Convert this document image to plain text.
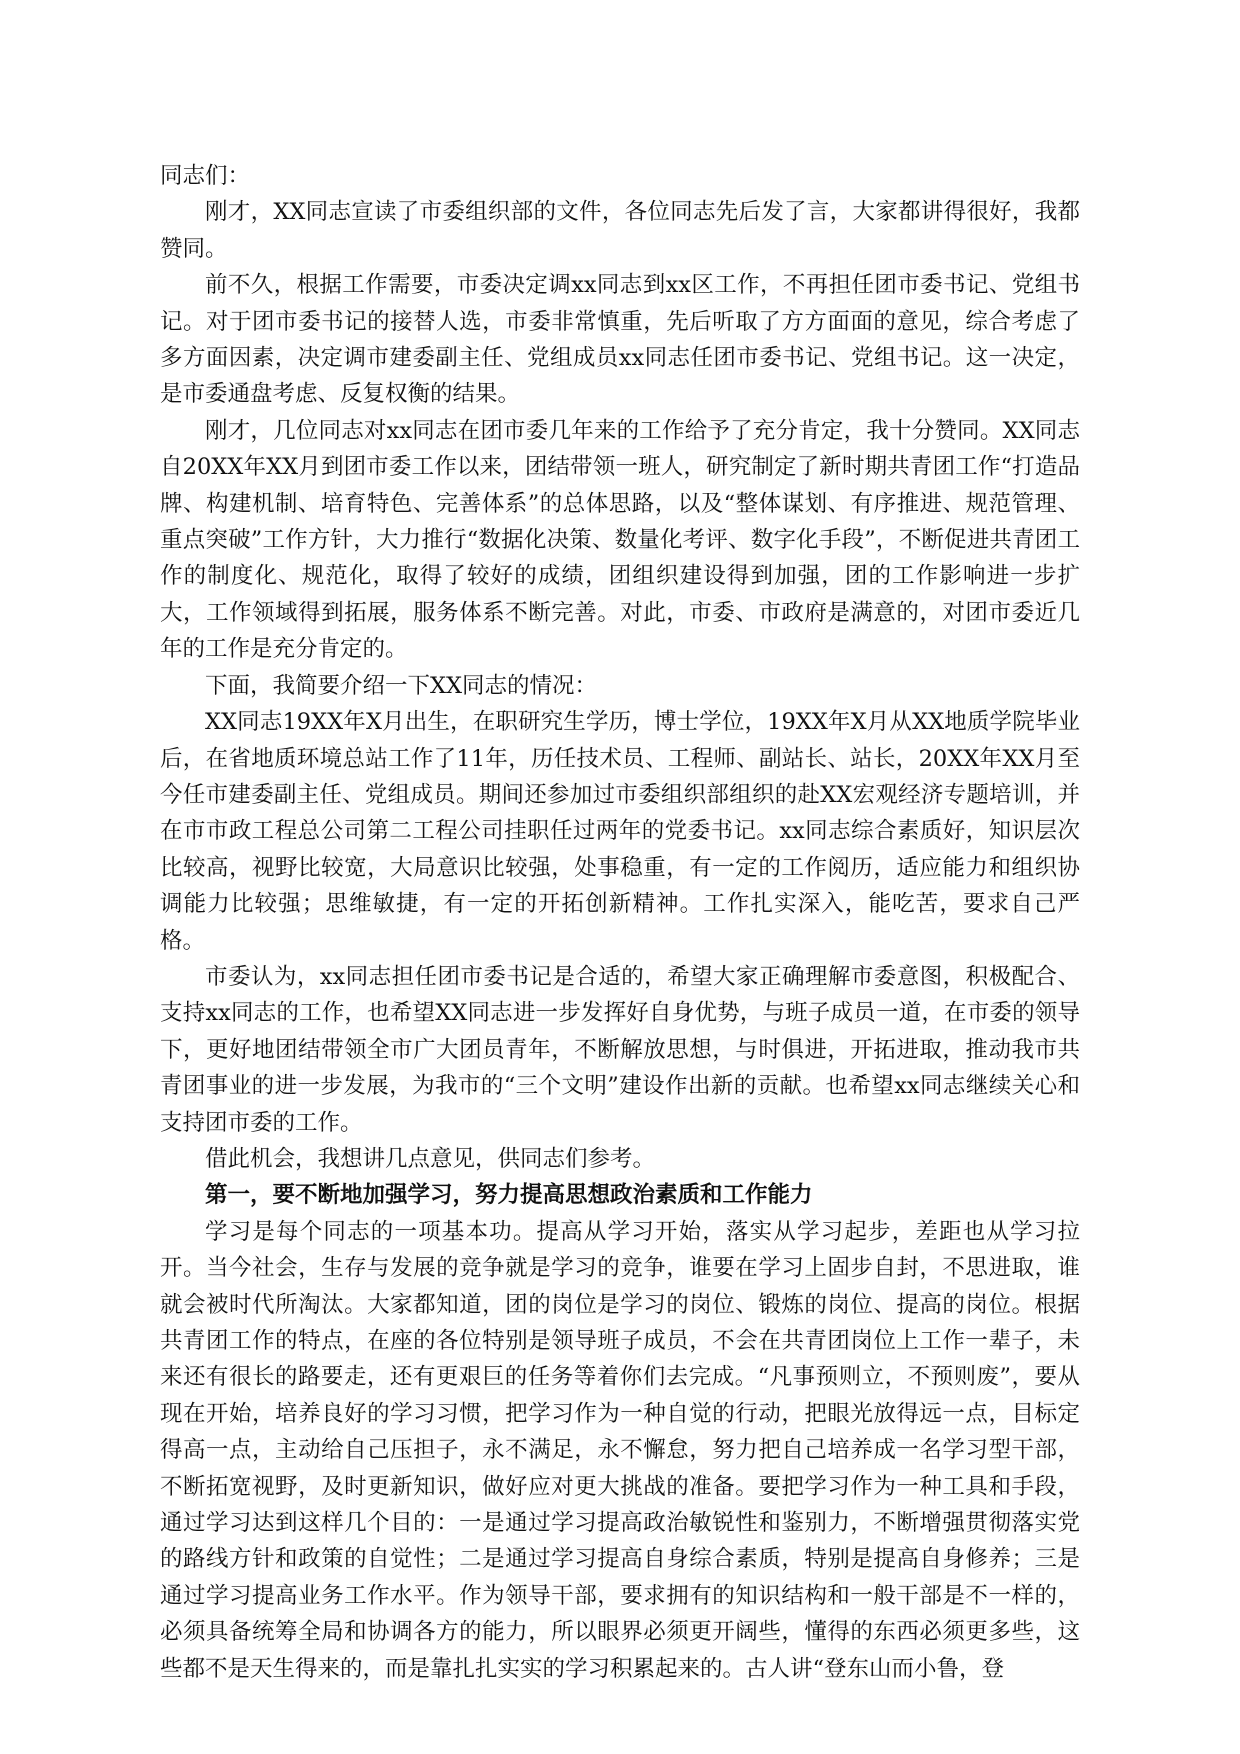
同志们：

刚才，XX同志宣读了市委组织部的文件，各位同志先后发了言，大家都讲得很好，我都赞同。

前不久，根据工作需要，市委决定调xx同志到xx区工作，不再担任团市委书记、党组书记。对于团市委书记的接替人选，市委非常慎重，先后听取了方方面面的意见，综合考虑了多方面因素，决定调市建委副主任、党组成员xx同志任团市委书记、党组书记。这一决定，是市委通盘考虑、反复权衡的结果。

刚才，几位同志对xx同志在团市委几年来的工作给予了充分肯定，我十分赞同。XX同志自20XX年XX月到团市委工作以来，团结带领一班人，研究制定了新时期共青团工作“打造品牌、构建机制、培育特色、完善体系”的总体思路，以及“整体谋划、有序推进、规范管理、重点突破”工作方针，大力推行“数据化决策、数量化考评、数字化手段”，不断促进共青团工作的制度化、规范化，取得了较好的成绩，团组织建设得到加强，团的工作影响进一步扩大，工作领域得到拓展，服务体系不断完善。对此，市委、市政府是满意的，对团市委近几年的工作是充分肯定的。

下面，我简要介绍一下XX同志的情况：

XX同志19XX年X月出生，在职研究生学历，博士学位，19XX年X月从XX地质学院毕业后，在省地质环境总站工作了11年，历任技术员、工程师、副站长、站长，20XX年XX月至今任市建委副主任、党组成员。期间还参加过市委组织部组织的赴XX宏观经济专题培训，并在市市政工程总公司第二工程公司挂职任过两年的党委书记。xx同志综合素质好，知识层次比较高，视野比较宽，大局意识比较强，处事稳重，有一定的工作阅历，适应能力和组织协调能力比较强；思维敏捷，有一定的开拓创新精神。工作扎实深入，能吃苦，要求自己严格。

市委认为，xx同志担任团市委书记是合适的，希望大家正确理解市委意图，积极配合、支持xx同志的工作，也希望XX同志进一步发挥好自身优势，与班子成员一道，在市委的领导下，更好地团结带领全市广大团员青年，不断解放思想，与时俱进，开拓进取，推动我市共青团事业的进一步发展，为我市的“三个文明”建设作出新的贡献。也希望xx同志继续关心和支持团市委的工作。

借此机会，我想讲几点意见，供同志们参考。

第一，要不断地加强学习，努力提高思想政治素质和工作能力

学习是每个同志的一项基本功。提高从学习开始，落实从学习起步，差距也从学习拉开。当今社会，生存与发展的竞争就是学习的竞争，谁要在学习上固步自封，不思进取，谁就会被时代所淘汰。大家都知道，团的岗位是学习的岗位、锻炼的岗位、提高的岗位。根据共青团工作的特点，在座的各位特别是领导班子成员，不会在共青团岗位上工作一辈子，未来还有很长的路要走，还有更艰巨的任务等着你们去完成。“凡事预则立，不预则废”，要从现在开始，培养良好的学习习惯，把学习作为一种自觉的行动，把眼光放得远一点，目标定得高一点，主动给自己压担子，永不满足，永不懈怠，努力把自己培养成一名学习型干部，不断拓宽视野，及时更新知识，做好应对更大挑战的准备。要把学习作为一种工具和手段，通过学习达到这样几个目的：一是通过学习提高政治敏锐性和鉴别力，不断增强贯彻落实党的路线方针和政策的自觉性；二是通过学习提高自身综合素质，特别是提高自身修养；三是通过学习提高业务工作水平。作为领导干部，要求拥有的知识结构和一般干部是不一样的，必须具备统筹全局和协调各方的能力，所以眼界必须更开阔些，懂得的东西必须更多些，这些都不是天生得来的，而是靠扎扎实实的学习积累起来的。古人讲“登东山而小鲁，登
